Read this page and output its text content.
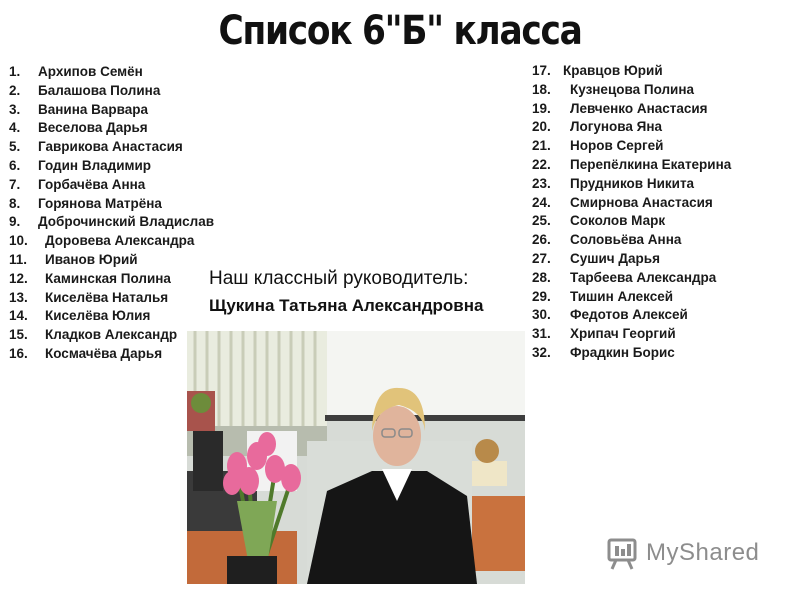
Список 6"Б" класса
1. Архипов Семён
2. Балашова Полина
3. Ванина Варвара
4. Веселова Дарья
5. Гаврикова Анастасия
6. Годин Владимир
7. Горбачёва Анна
8. Горянова Матрёна
9. Доброчинский Владислав
10. Доровева Александра
11. Иванов Юрий
12. Каминская Полина
13. Киселёва Наталья
14. Киселёва Юлия
15. Кладков Александр
16. Космачёва Дарья
17. Кравцов Юрий
18. Кузнецова Полина
19. Левченко Анастасия
20. Логунова Яна
21. Норов Сергей
22. Перепёлкина Екатерина
23. Прудников Никита
24. Смирнова Анастасия
25. Соколов Марк
26. Соловьёва Анна
27. Сушич Дарья
28. Тарбеева Александра
29. Тишин Алексей
30. Федотов Алексей
31. Хрипач Георгий
32. Фрадкин Борис
Наш классный руководитель:
Щукина Татьяна Александровна
MyShared
